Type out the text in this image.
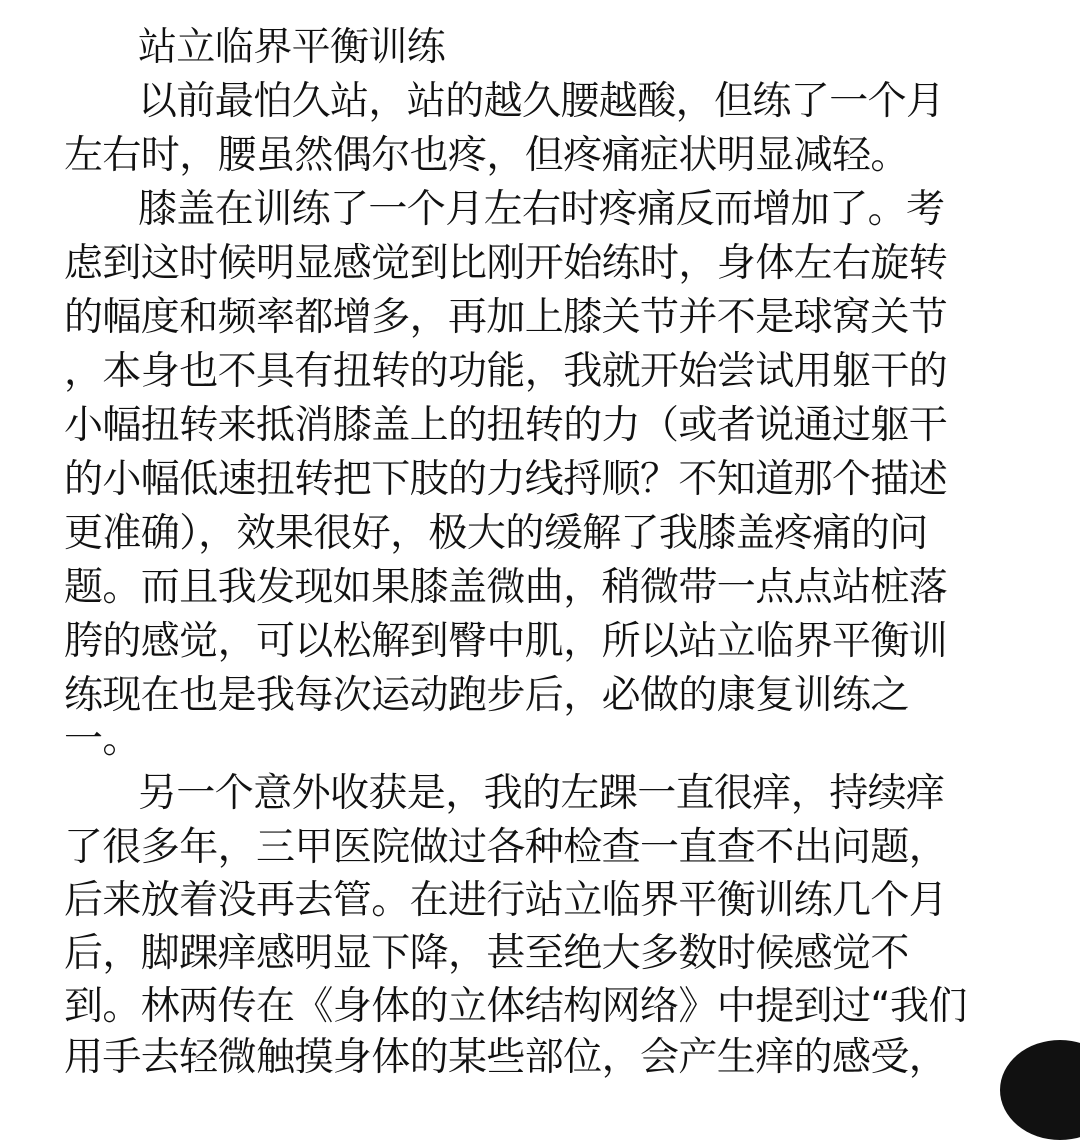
站立临界平衡训练

以前最怕久站，站的越久腰越酸，但练了一个月

左右时，腰虽然偶尔也疼，但疼痛症状明显减轻。

膝盖在训练了一个月左右时疼痛反而增加了。考

虑到这时候明显感觉到比刚开始练时，身体左右旋转

的幅度和频率都增多，再加上膝关节并不是球窝关节

，本身也不具有扭转的功能，我就开始尝试用躯干的

小幅扭转来抵消膝盖上的扭转的力（或者说通过躯干

的小幅低速扭转把下肢的力线捋顺？不知道那个描述

更准确），效果很好，极大的缓解了我膝盖疼痛的问

题。而且我发现如果膝盖微曲，稍微带一点点站桩落

胯的感觉，可以松解到臀中肌，所以站立临界平衡训

练现在也是我每次运动跑步后，必做的康复训练之

一。

另一个意外收获是，我的左踝一直很痒，持续痒

了很多年，三甲医院做过各种检查一直查不出问题，

后来放着没再去管。在进行站立临界平衡训练几个月

后，脚踝痒感明显下降，甚至绝大多数时候感觉不

到。林两传在《身体的立体结构网络》中提到过“我们

用手去轻微触摸身体的某些部位，会产生痒的感受，
